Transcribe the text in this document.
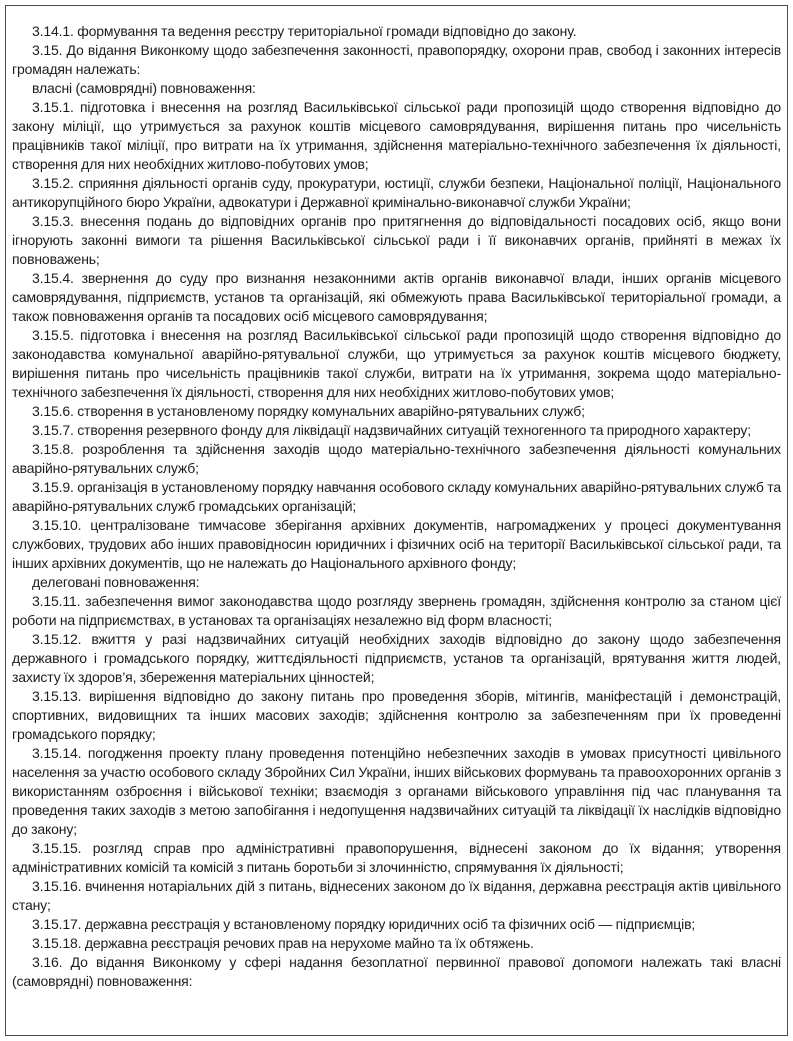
3.14.1. формування та ведення реєстру територіальної громади відповідно до закону.

3.15. До відання Виконкому щодо забезпечення законності, правопорядку, охорони прав, свобод і законних інтересів громадян належать:

власні (самоврядні) повноваження:

3.15.1. підготовка і внесення на розгляд Васильківської сільської ради пропозицій щодо створення відповідно до закону міліції, що утримується за рахунок коштів місцевого самоврядування, вирішення питань про чисельність працівників такої міліції, про витрати на їх утримання, здійснення матеріально-технічного забезпечення їх діяльності, створення для них необхідних житлово-побутових умов;

3.15.2. сприяння діяльності органів суду, прокуратури, юстиції, служби безпеки, Національної поліції, Національного антикорупційного бюро України, адвокатури і Державної кримінально-виконавчої служби України;

3.15.3. внесення подань до відповідних органів про притягнення до відповідальності посадових осіб, якщо вони ігнорують законні вимоги та рішення Васильківської сільської ради і її виконавчих органів, прийняті в межах їх повноважень;

3.15.4. звернення до суду про визнання незаконними актів органів виконавчої влади, інших органів місцевого самоврядування, підприємств, установ та організацій, які обмежують права Васильківської територіальної громади, а також повноваження органів та посадових осіб місцевого самоврядування;

3.15.5. підготовка і внесення на розгляд Васильківської сільської ради пропозицій щодо створення відповідно до законодавства комунальної аварійно-рятувальної служби, що утримується за рахунок коштів місцевого бюджету, вирішення питань про чисельність працівників такої служби, витрати на їх утримання, зокрема щодо матеріально-технічного забезпечення їх діяльності, створення для них необхідних житлово-побутових умов;

3.15.6. створення в установленому порядку комунальних аварійно-рятувальних служб;

3.15.7. створення резервного фонду для ліквідації надзвичайних ситуацій техногенного та природного характеру;

3.15.8. розроблення та здійснення заходів щодо матеріально-технічного забезпечення діяльності комунальних аварійно-рятувальних служб;

3.15.9. організація в установленому порядку навчання особового складу комунальних аварійно-рятувальних служб та аварійно-рятувальних служб громадських організацій;

3.15.10. централізоване тимчасове зберігання архівних документів, нагромаджених у процесі документування службових, трудових або інших правовідносин юридичних і фізичних осіб на території Васильківської сільської ради, та інших архівних документів, що не належать до Національного архівного фонду;

делеговані повноваження:

3.15.11. забезпечення вимог законодавства щодо розгляду звернень громадян, здійснення контролю за станом цієї роботи на підприємствах, в установах та організаціях незалежно від форм власності;

3.15.12. вжиття у разі надзвичайних ситуацій необхідних заходів відповідно до закону щодо забезпечення державного і громадського порядку, життєдіяльності підприємств, установ та організацій, врятування життя людей, захисту їх здоров’я, збереження матеріальних цінностей;

3.15.13. вирішення відповідно до закону питань про проведення зборів, мітингів, маніфестацій і демонстрацій, спортивних, видовищних та інших масових заходів; здійснення контролю за забезпеченням при їх проведенні громадського порядку;

3.15.14. погодження проекту плану проведення потенційно небезпечних заходів в умовах присутності цивільного населення за участю особового складу Збройних Сил України, інших військових формувань та правоохоронних органів з використанням озброєння і військової техніки; взаємодія з органами військового управління під час планування та проведення таких заходів з метою запобігання і недопущення надзвичайних ситуацій та ліквідації їх наслідків відповідно до закону;

3.15.15. розгляд справ про адміністративні правопорушення, віднесені законом до їх відання; утворення адміністративних комісій та комісій з питань боротьби зі злочинністю, спрямування їх діяльності;

3.15.16. вчинення нотаріальних дій з питань, віднесених законом до їх відання, державна реєстрація актів цивільного стану;

3.15.17. державна реєстрація у встановленому порядку юридичних осіб та фізичних осіб — підприємців;

3.15.18. державна реєстрація речових прав на нерухоме майно та їх обтяжень.

3.16. До відання Виконкому у сфері надання безоплатної первинної правової допомоги належать такі власні (самоврядні) повноваження:
